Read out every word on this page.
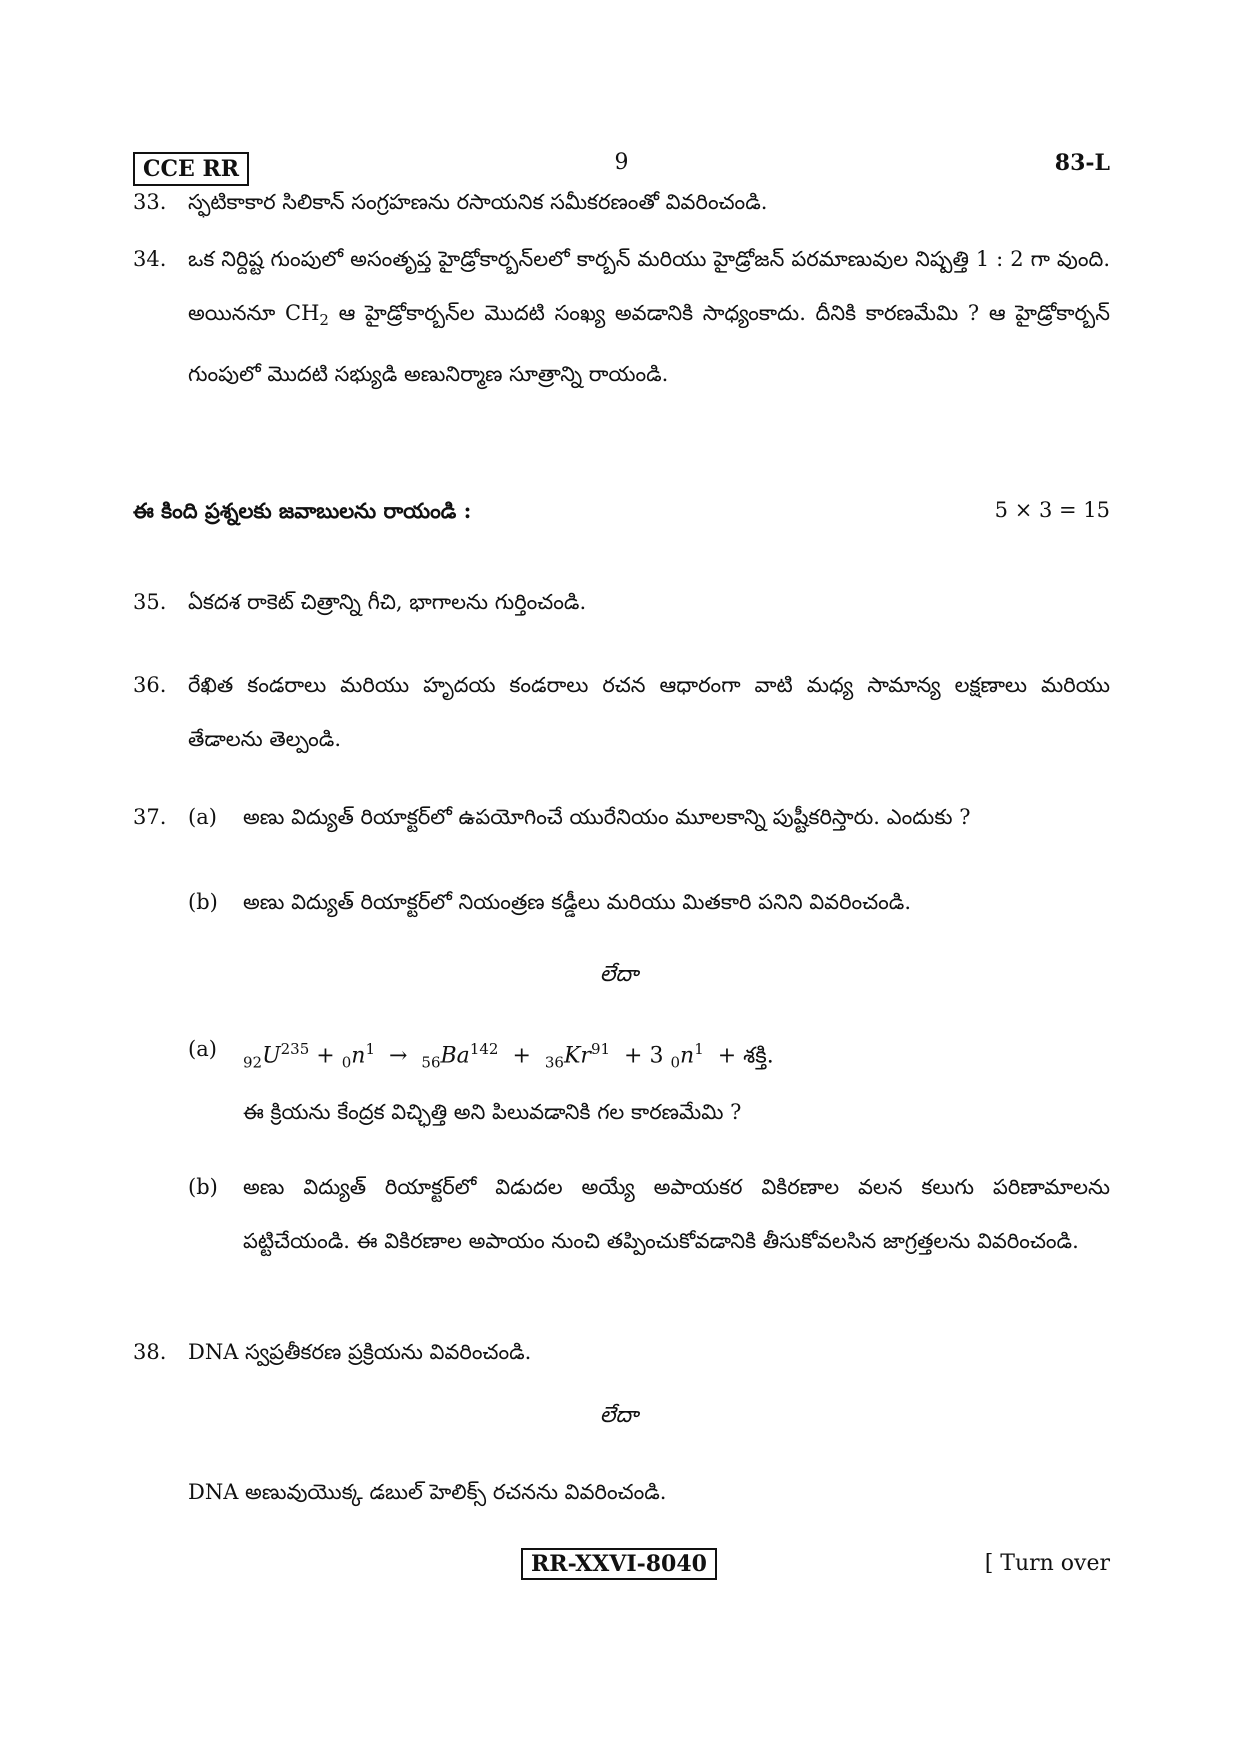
CCE RR	9	83-L
33.	స్ఫటికాకార సిలికాన్ సంగ్రహణను రసాయనిక సమీకరణంతో వివరించండి.
34.	ఒక నిర్దిష్ట గుంపులో అసంతృప్త హైడ్రోకార్బన్‌లలో కార్బన్ మరియు హైడ్రోజన్ పరమాణువుల నిష్పత్తి 1 : 2 గా వుంది. అయిననూ $CH_2$ ఆ హైడ్రోకార్బన్‌ల మొదటి సంఖ్య అవడానికి సాధ్యంకాదు. దీనికి కారణమేమి ? ఆ హైడ్రోకార్బన్ గుంపులో మొదటి సభ్యుడి అణునిర్మాణ సూత్రాన్ని రాయండి.
ఈ కింది ప్రశ్నలకు జవాబులను రాయండి :	5 × 3 = 15
35.	ఏకదశ రాకెట్ చిత్రాన్ని గీచి, భాగాలను గుర్తించండి.
36.	రేఖిత కండరాలు మరియు హృదయ కండరాలు రచన ఆధారంగా వాటి మధ్య సామాన్య లక్షణాలు మరియు తేడాలను తెల్పండి.
37.	(a)	అణు విద్యుత్ రియాక్టర్‌లో ఉపయోగించే యురేనియం మూలకాన్ని పుష్టీకరిస్తారు. ఎందుకు ?
(b)	అణు విద్యుత్ రియాక్టర్‌లో నియంత్రణ కడ్డీలు మరియు మితకారి పనిని వివరించండి.
లేదా
(a)
$_{92}U^{235} + _0n^1 \to _{56}Ba^{142} + _{36}Kr^{91} + 3$ $_0n^1$ + శక్తి.
ఈ క్రియను కేంద్రక విచ్ఛిత్తి అని పిలువడానికి గల కారణమేమి ?
(b)	అణు విద్యుత్ రియాక్టర్‌లో విడుదల అయ్యే అపాయకర వికిరణాల వలన కలుగు పరిణామాలను పట్టిచేయండి. ఈ వికిరణాల అపాయం నుంచి తప్పించుకోవడానికి తీసుకోవలసిన జాగ్రత్తలను వివరించండి.
38.	DNA స్వప్రతీకరణ ప్రక్రియను వివరించండి.
లేదా
DNA అణువుయొక్క డబుల్ హెలిక్స్ రచనను వివరించండి.
RR-XXVI-8040	[ Turn over
